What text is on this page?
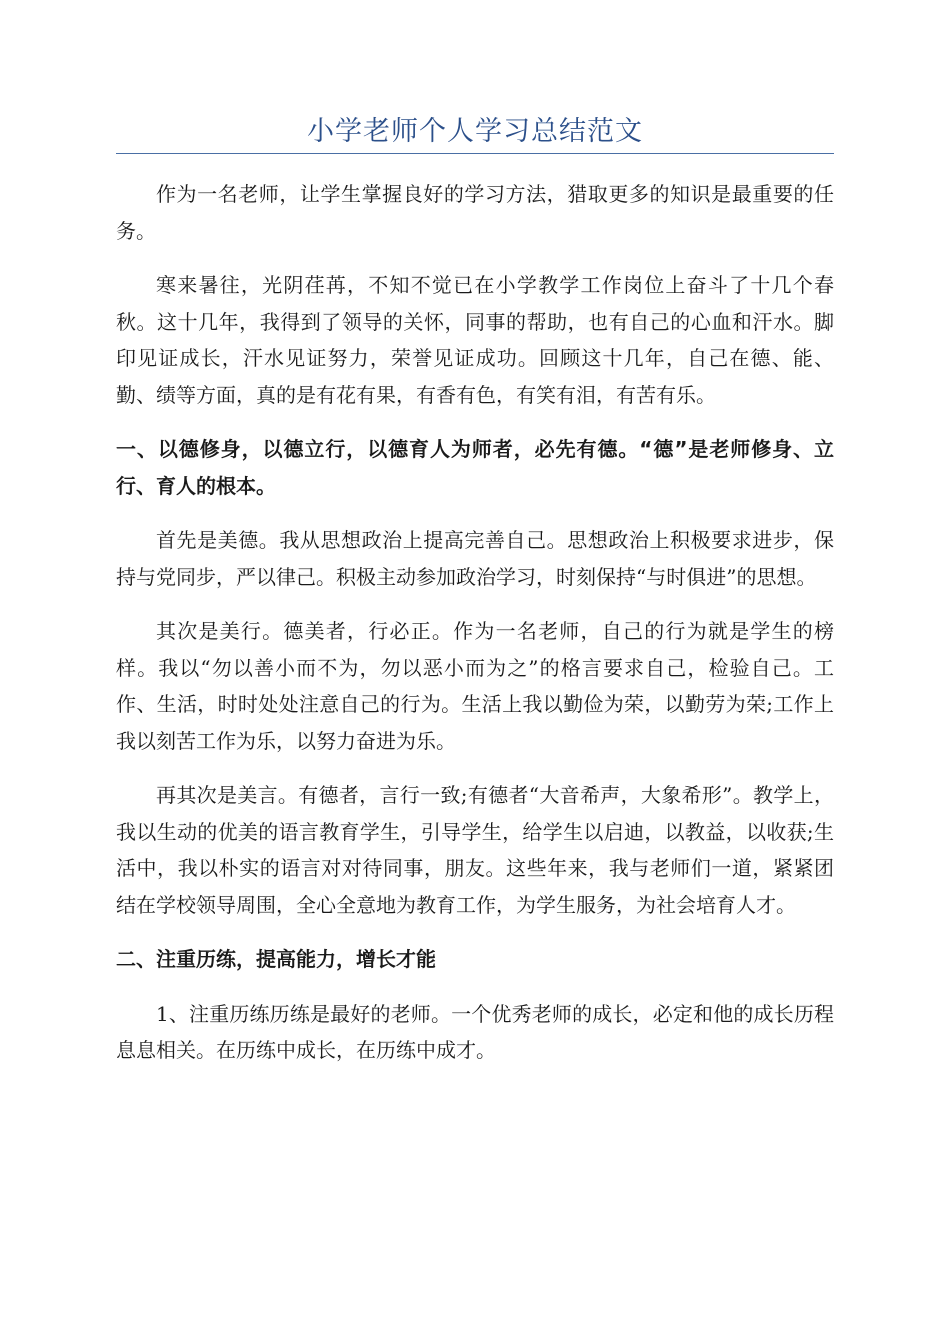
小学老师个人学习总结范文

作为一名老师，让学生掌握良好的学习方法，猎取更多的知识是最重要的任务。

寒来暑往，光阴荏苒，不知不觉已在小学教学工作岗位上奋斗了十几个春秋。这十几年，我得到了领导的关怀，同事的帮助，也有自己的心血和汗水。脚印见证成长，汗水见证努力，荣誉见证成功。回顾这十几年，自己在德、能、勤、绩等方面，真的是有花有果，有香有色，有笑有泪，有苦有乐。

一、以德修身，以德立行，以德育人为师者，必先有德。“德”是老师修身、立行、育人的根本。

首先是美德。我从思想政治上提高完善自己。思想政治上积极要求进步，保持与党同步，严以律己。积极主动参加政治学习，时刻保持“与时俱进”的思想。

其次是美行。德美者，行必正。作为一名老师，自己的行为就是学生的榜样。我以“勿以善小而不为，勿以恶小而为之”的格言要求自己，检验自己。工作、生活，时时处处注意自己的行为。生活上我以勤俭为荣，以勤劳为荣;工作上我以刻苦工作为乐，以努力奋进为乐。

再其次是美言。有德者，言行一致;有德者“大音希声，大象希形”。教学上，我以生动的优美的语言教育学生，引导学生，给学生以启迪，以教益，以收获;生活中，我以朴实的语言对对待同事，朋友。这些年来，我与老师们一道，紧紧团结在学校领导周围，全心全意地为教育工作，为学生服务，为社会培育人才。

二、注重历练，提高能力，增长才能

1、注重历练历练是最好的老师。一个优秀老师的成长，必定和他的成长历程息息相关。在历练中成长，在历练中成才。
